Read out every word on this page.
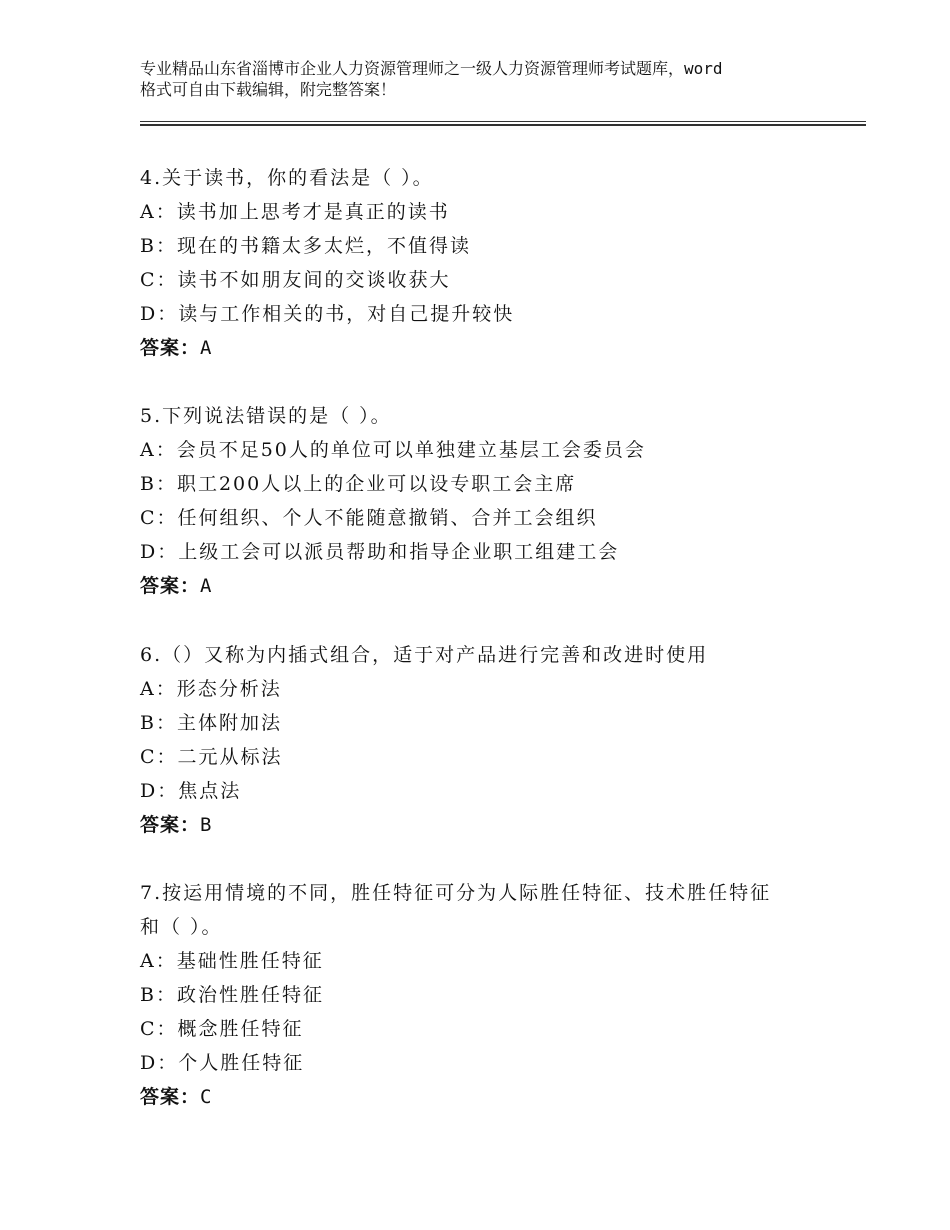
专业精品山东省淄博市企业人力资源管理师之一级人力资源管理师考试题库，word
格式可自由下载编辑，附完整答案！
4.关于读书，你的看法是（ ）。
A：读书加上思考才是真正的读书
B：现在的书籍太多太烂，不值得读
C：读书不如朋友间的交谈收获大
D：读与工作相关的书，对自己提升较快
答案：A
5.下列说法错误的是（ ）。
A：会员不足50人的单位可以单独建立基层工会委员会
B：职工200人以上的企业可以设专职工会主席
C：任何组织、个人不能随意撤销、合并工会组织
D：上级工会可以派员帮助和指导企业职工组建工会
答案：A
6.（）又称为内插式组合，适于对产品进行完善和改进时使用
A：形态分析法
B：主体附加法
C：二元从标法
D：焦点法
答案：B
7.按运用情境的不同，胜任特征可分为人际胜任特征、技术胜任特征
和（ ）。
A：基础性胜任特征
B：政治性胜任特征
C：概念胜任特征
D：个人胜任特征
答案：C
